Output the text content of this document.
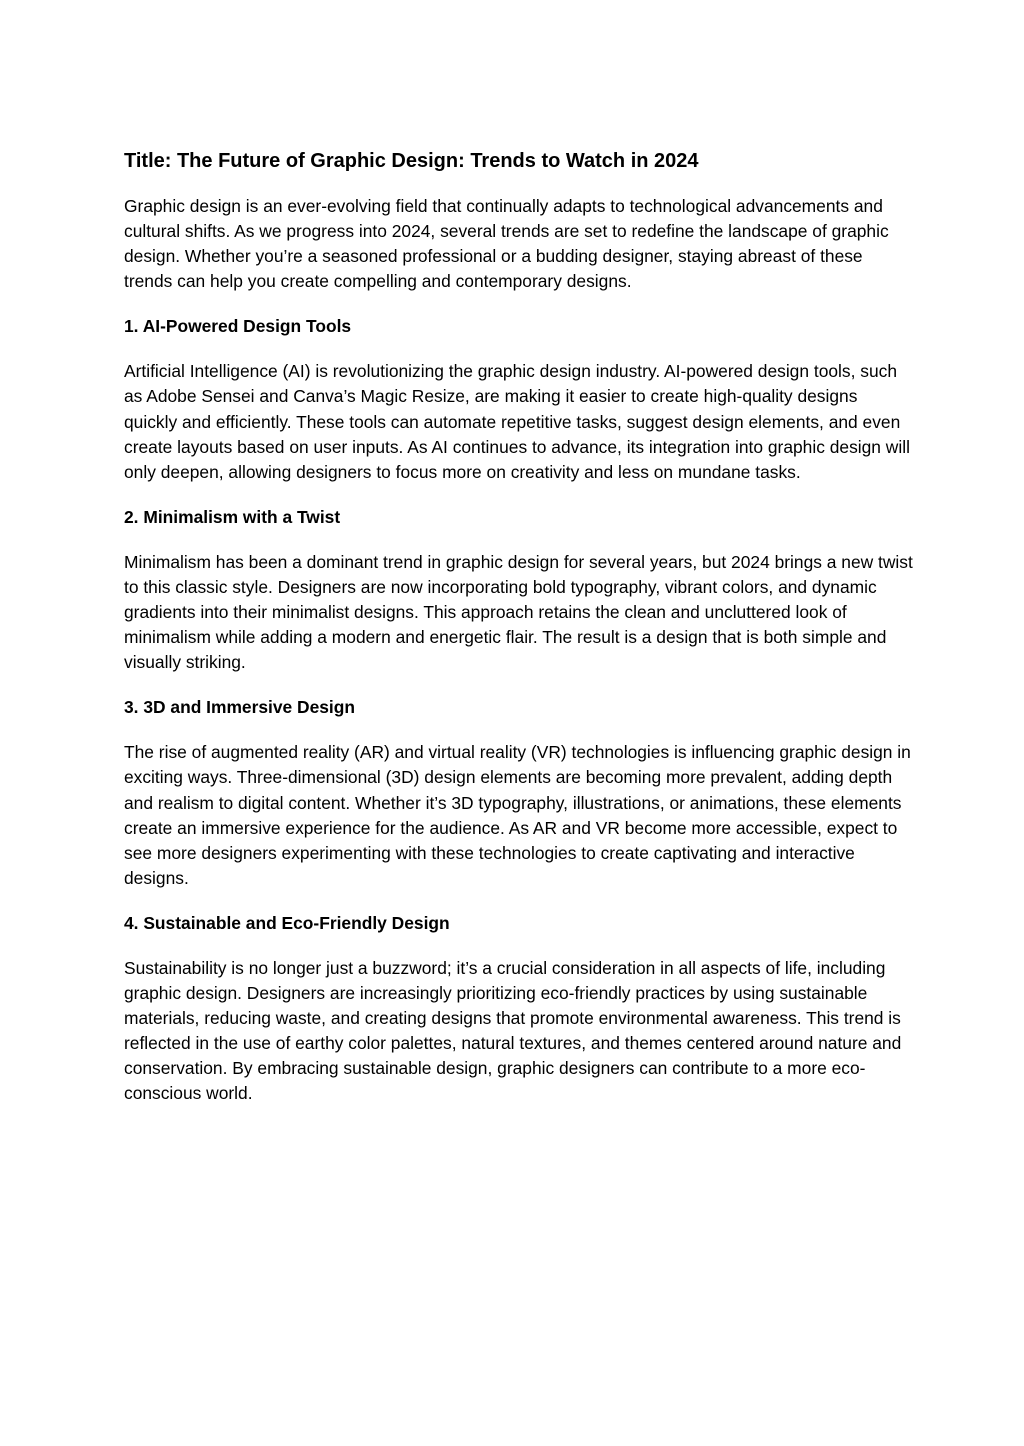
Title: The Future of Graphic Design: Trends to Watch in 2024

Graphic design is an ever-evolving field that continually adapts to technological advancements and cultural shifts. As we progress into 2024, several trends are set to redefine the landscape of graphic design. Whether you’re a seasoned professional or a budding designer, staying abreast of these trends can help you create compelling and contemporary designs.

1. AI-Powered Design Tools

Artificial Intelligence (AI) is revolutionizing the graphic design industry. AI-powered design tools, such as Adobe Sensei and Canva’s Magic Resize, are making it easier to create high-quality designs quickly and efficiently. These tools can automate repetitive tasks, suggest design elements, and even create layouts based on user inputs. As AI continues to advance, its integration into graphic design will only deepen, allowing designers to focus more on creativity and less on mundane tasks.

2. Minimalism with a Twist

Minimalism has been a dominant trend in graphic design for several years, but 2024 brings a new twist to this classic style. Designers are now incorporating bold typography, vibrant colors, and dynamic gradients into their minimalist designs. This approach retains the clean and uncluttered look of minimalism while adding a modern and energetic flair. The result is a design that is both simple and visually striking.

3. 3D and Immersive Design

The rise of augmented reality (AR) and virtual reality (VR) technologies is influencing graphic design in exciting ways. Three-dimensional (3D) design elements are becoming more prevalent, adding depth and realism to digital content. Whether it’s 3D typography, illustrations, or animations, these elements create an immersive experience for the audience. As AR and VR become more accessible, expect to see more designers experimenting with these technologies to create captivating and interactive designs.

4. Sustainable and Eco-Friendly Design

Sustainability is no longer just a buzzword; it’s a crucial consideration in all aspects of life, including graphic design. Designers are increasingly prioritizing eco-friendly practices by using sustainable materials, reducing waste, and creating designs that promote environmental awareness. This trend is reflected in the use of earthy color palettes, natural textures, and themes centered around nature and conservation. By embracing sustainable design, graphic designers can contribute to a more eco-conscious world.
